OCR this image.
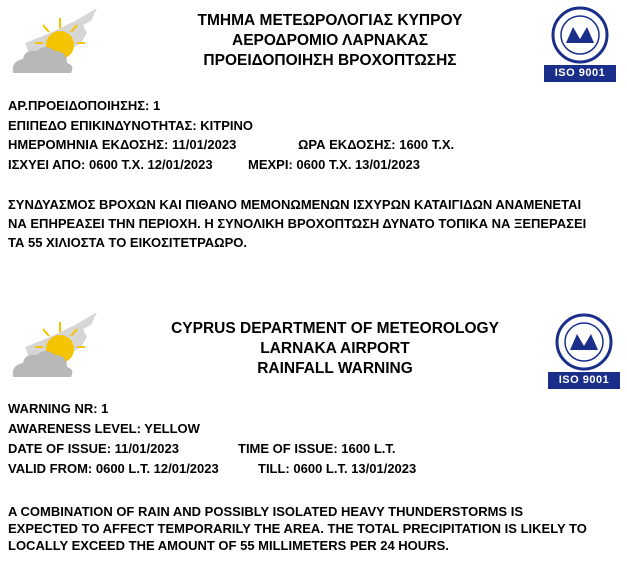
ΤΜΗΜΑ ΜΕΤΕΩΡΟΛΟΓΙΑΣ ΚΥΠΡΟΥ
ΑΕΡΟΔΡΟΜΙΟ ΛΑΡΝΑΚΑΣ
ΠΡΟΕΙΔΟΠΟΙΗΣΗ ΒΡΟΧΟΠΤΩΣΗΣ
ISO 9001
ΑΡ.ΠΡΟΕΙΔΟΠΟΙΗΣΗΣ: 1
ΕΠΙΠΕΔΟ ΕΠΙΚΙΝΔΥΝΟΤΗΤΑΣ: ΚΙΤΡΙΝΟ
ΗΜΕΡΟΜΗΝΙΑ ΕΚΔΟΣΗΣ: 11/01/2023	ΩΡΑ ΕΚΔΟΣΗΣ: 1600 Τ.Χ.
ΙΣΧΥΕΙ ΑΠΟ: 0600 Τ.Χ. 12/01/2023	ΜΕΧΡΙ: 0600 Τ.Χ. 13/01/2023
ΣΥΝΔΥΑΣΜΟΣ ΒΡΟΧΩΝ ΚΑΙ ΠΙΘΑΝΟ ΜΕΜΟΝΩΜΕΝΩΝ ΙΣΧΥΡΩΝ ΚΑΤΑΙΓΙΔΩΝ ΑΝΑΜΕΝΕΤΑΙ
ΝΑ ΕΠΗΡΕΑΣΕΙ ΤΗΝ ΠΕΡΙΟΧΗ. Η ΣΥΝΟΛΙΚΗ ΒΡΟΧΟΠΤΩΣΗ ΔΥΝΑΤΟ ΤΟΠΙΚΑ ΝΑ ΞΕΠΕΡΑΣΕΙ
ΤΑ 55 ΧΙΛΙΟΣΤΑ ΤΟ ΕΙΚΟΣΙΤΕΤΡΑΩΡΟ.
CYPRUS DEPARTMENT OF METEOROLOGY
LARNAKA AIRPORT
RAINFALL WARNING
ISO 9001
WARNING NR: 1
AWARENESS LEVEL: YELLOW
DATE OF ISSUE: 11/01/2023	TIME OF ISSUE: 1600 L.T.
VALID FROM: 0600 L.T. 12/01/2023	TILL: 0600 L.T. 13/01/2023
A COMBINATION OF RAIN AND POSSIBLY ISOLATED HEAVY THUNDERSTORMS IS
EXPECTED TO AFFECT TEMPORARILY THE AREA. THE TOTAL PRECIPITATION IS LIKELY TO
LOCALLY EXCEED THE AMOUNT OF 55 MILLIMETERS PER 24 HOURS.
